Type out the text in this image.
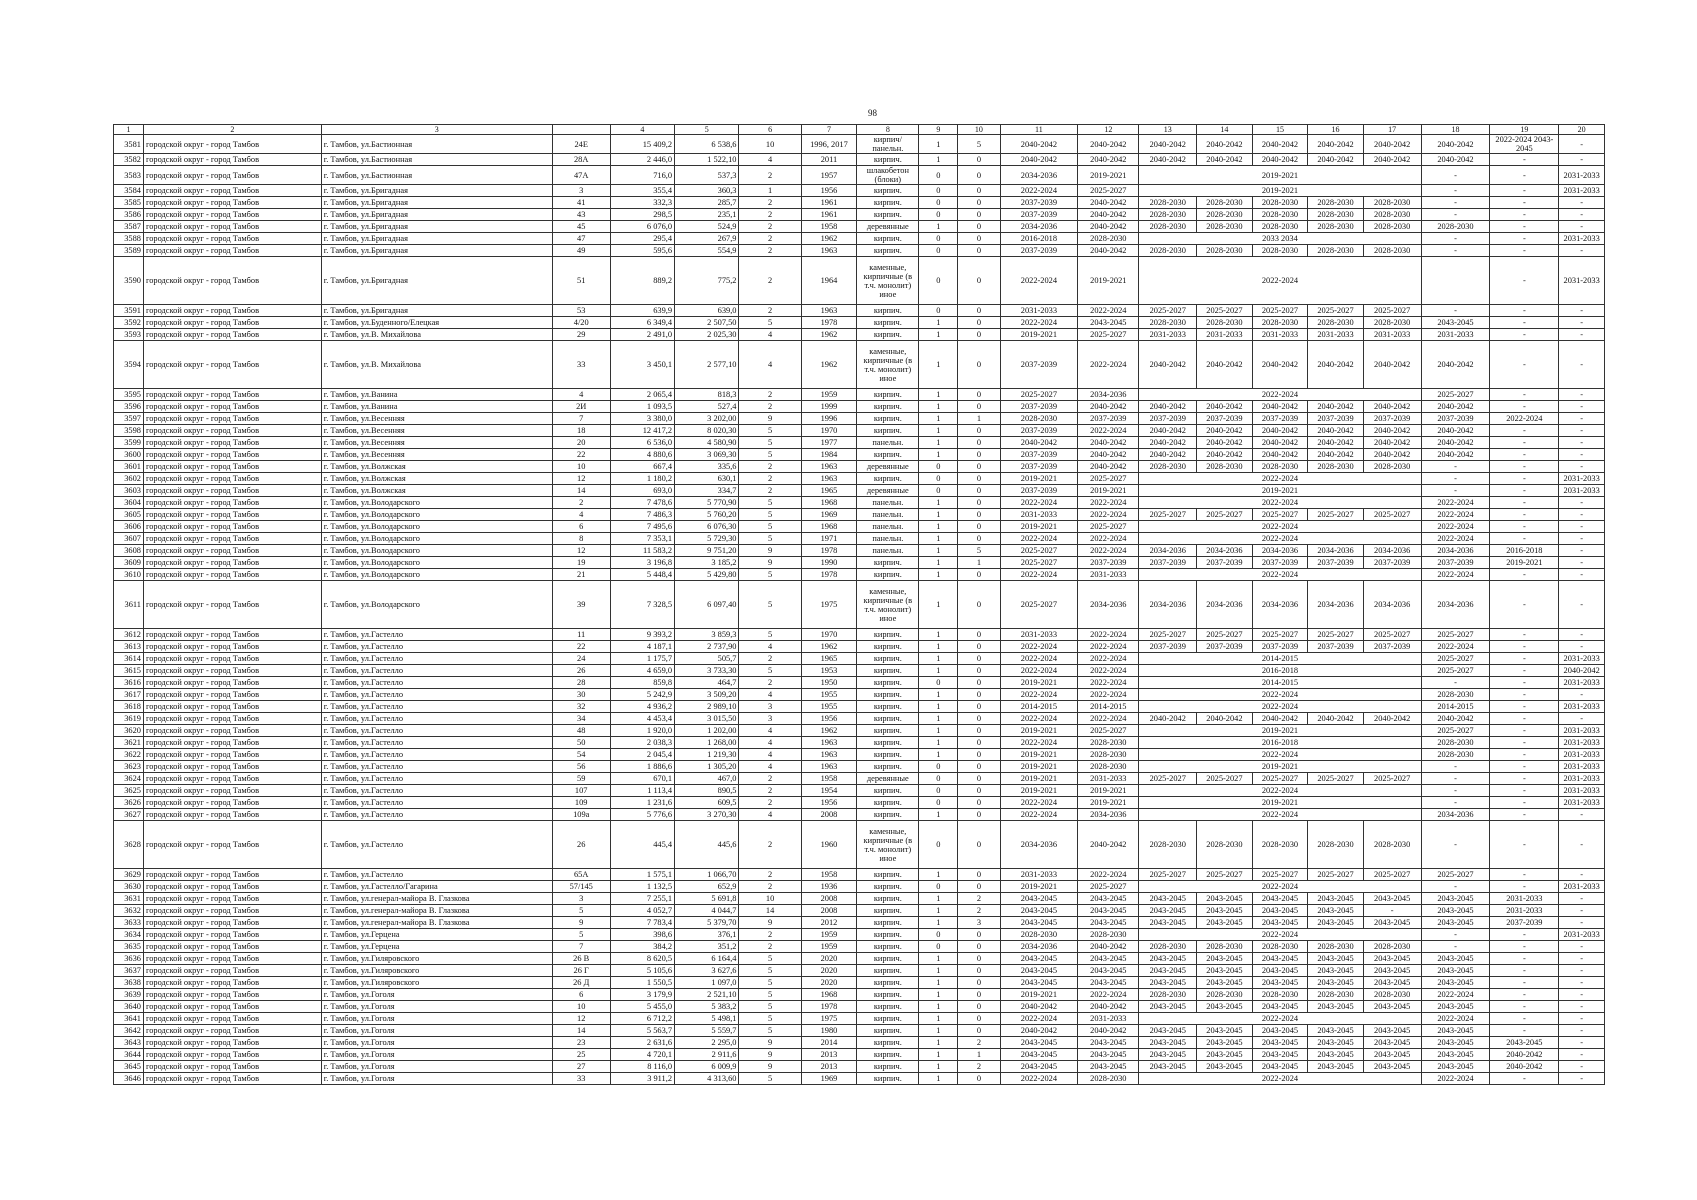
98
1	2	3		4	5	6	7	8	9	10	11	12	13	14	15	16	17	18	19	20
3581	городской округ - город Тамбов	г. Тамбов, ул.Бастионная	24Е	15 409,2	6 538,6	10	1996, 2017	кирпич/ панельн.	1	5	2040-2042	2040-2042	2040-2042	2040-2042	2040-2042	2040-2042	2040-2042	2040-2042	2022-2024 2043-2045	-
3582	городской округ - город Тамбов	г. Тамбов, ул.Бастионная	28А	2 446,0	1 522,10	4	2011	кирпич.	1	0	2040-2042	2040-2042	2040-2042	2040-2042	2040-2042	2040-2042	2040-2042	2040-2042	-	-
3583	городской округ - город Тамбов	г. Тамбов, ул.Бастионная	47А	716,0	537,3	2	1957	шлакобетон (блоки)	0	0	2034-2036	2019-2021	2019-2021					-	-	2031-2033
3584	городской округ - город Тамбов	г. Тамбов, ул.Бригадная	3	355,4	360,3	1	1956	кирпич.	0	0	2022-2024	2025-2027	2019-2021					-	-	2031-2033
3585	городской округ - город Тамбов	г. Тамбов, ул.Бригадная	41	332,3	285,7	2	1961	кирпич.	0	0	2037-2039	2040-2042	2028-2030	2028-2030	2028-2030	2028-2030	2028-2030	-	-	-
3586	городской округ - город Тамбов	г. Тамбов, ул.Бригадная	43	298,5	235,1	2	1961	кирпич.	0	0	2037-2039	2040-2042	2028-2030	2028-2030	2028-2030	2028-2030	2028-2030	-	-	-
3587	городской округ - город Тамбов	г. Тамбов, ул.Бригадная	45	6 076,0	524,9	2	1958	деревянные	1	0	2034-2036	2040-2042	2028-2030	2028-2030	2028-2030	2028-2030	2028-2030	2028-2030	-	-
3588	городской округ - город Тамбов	г. Тамбов, ул.Бригадная	47	295,4	267,9	2	1962	кирпич.	0	0	2016-2018	2028-2030	2033 2034					-	-	2031-2033
3589	городской округ - город Тамбов	г. Тамбов, ул.Бригадная	49	595,6	554,9	2	1963	кирпич.	0	0	2037-2039	2040-2042	2028-2030	2028-2030	2028-2030	2028-2030	2028-2030	-	-	-
3590	городской округ - город Тамбов	г. Тамбов, ул.Бригадная	51	889,2	775,2	2	1964	каменные, кирпичные (в т.ч. монолит) иное	0	0	2022-2024	2019-2021	2022-2024						-	2031-2033
3591	городской округ - город Тамбов	г. Тамбов, ул.Бригадная	53	639,9	639,0	2	1963	кирпич.	0	0	2031-2033	2022-2024	2025-2027	2025-2027	2025-2027	2025-2027	2025-2027	-	-	-
3592	городской округ - город Тамбов	г. Тамбов, ул.Буденного/Елецкая	4/20	6 349,4	2 507,50	5	1978	кирпич.	1	0	2022-2024	2043-2045	2028-2030	2028-2030	2028-2030	2028-2030	2028-2030	2043-2045	-	-
3593	городской округ - город Тамбов	г. Тамбов, ул.В. Михайлова	29	2 491,0	2 025,30	4	1962	кирпич.	1	0	2019-2021	2025-2027	2031-2033	2031-2033	2031-2033	2031-2033	2031-2033	2031-2033	-	-
3594	городской округ - город Тамбов	г. Тамбов, ул.В. Михайлова	33	3 450,1	2 577,10	4	1962	каменные, кирпичные (в т.ч. монолит) иное	1	0	2037-2039	2022-2024	2040-2042	2040-2042	2040-2042	2040-2042	2040-2042	2040-2042	-	-
3595	городской округ - город Тамбов	г. Тамбов, ул.Ванина	4	2 065,4	818,3	2	1959	кирпич.	1	0	2025-2027	2034-2036	2022-2024					2025-2027	-	-
3596	городской округ - город Тамбов	г. Тамбов, ул.Ванина	2И	1 093,5	527,4	2	1999	кирпич.	1	0	2037-2039	2040-2042	2040-2042	2040-2042	2040-2042	2040-2042	2040-2042	2040-2042	-	-
3597	городской округ - город Тамбов	г. Тамбов, ул.Весенняя	7	3 380,0	3 202,00	9	1996	кирпич.	1	1	2028-2030	2037-2039	2037-2039	2037-2039	2037-2039	2037-2039	2037-2039	2037-2039	2022-2024	-
3598	городской округ - город Тамбов	г. Тамбов, ул.Весенняя	18	12 417,2	8 020,30	5	1970	кирпич.	1	0	2037-2039	2022-2024	2040-2042	2040-2042	2040-2042	2040-2042	2040-2042	2040-2042	-	-
3599	городской округ - город Тамбов	г. Тамбов, ул.Весенняя	20	6 536,0	4 580,90	5	1977	панельн.	1	0	2040-2042	2040-2042	2040-2042	2040-2042	2040-2042	2040-2042	2040-2042	2040-2042	-	-
3600	городской округ - город Тамбов	г. Тамбов, ул.Весенняя	22	4 880,6	3 069,30	5	1984	кирпич.	1	0	2037-2039	2040-2042	2040-2042	2040-2042	2040-2042	2040-2042	2040-2042	2040-2042	-	-
3601	городской округ - город Тамбов	г. Тамбов, ул.Волжская	10	667,4	335,6	2	1963	деревянные	0	0	2037-2039	2040-2042	2028-2030	2028-2030	2028-2030	2028-2030	2028-2030	-	-	-
3602	городской округ - город Тамбов	г. Тамбов, ул.Волжская	12	1 180,2	630,1	2	1963	кирпич.	0	0	2019-2021	2025-2027	2022-2024					-	-	2031-2033
3603	городской округ - город Тамбов	г. Тамбов, ул.Волжская	14	693,0	334,7	2	1965	деревянные	0	0	2037-2039	2019-2021	2019-2021					-	-	2031-2033
3604	городской округ - город Тамбов	г. Тамбов, ул.Володарского	2	7 478,6	5 770,90	5	1968	панельн.	1	0	2022-2024	2022-2024	2022-2024					2022-2024	-	-
3605	городской округ - город Тамбов	г. Тамбов, ул.Володарского	4	7 486,3	5 760,20	5	1969	панельн.	1	0	2031-2033	2022-2024	2025-2027	2025-2027	2025-2027	2025-2027	2025-2027	2022-2024	-	-
3606	городской округ - город Тамбов	г. Тамбов, ул.Володарского	6	7 495,6	6 076,30	5	1968	панельн.	1	0	2019-2021	2025-2027	2022-2024					2022-2024	-	-
3607	городской округ - город Тамбов	г. Тамбов, ул.Володарского	8	7 353,1	5 729,30	5	1971	панельн.	1	0	2022-2024	2022-2024	2022-2024					2022-2024	-	-
3608	городской округ - город Тамбов	г. Тамбов, ул.Володарского	12	11 583,2	9 751,20	9	1978	панельн.	1	5	2025-2027	2022-2024	2034-2036	2034-2036	2034-2036	2034-2036	2034-2036	2034-2036	2016-2018	-
3609	городской округ - город Тамбов	г. Тамбов, ул.Володарского	19	3 196,8	3 185,2	9	1990	кирпич.	1	1	2025-2027	2037-2039	2037-2039	2037-2039	2037-2039	2037-2039	2037-2039	2037-2039	2019-2021	-
3610	городской округ - город Тамбов	г. Тамбов, ул.Володарского	21	5 448,4	5 429,80	5	1978	кирпич.	1	0	2022-2024	2031-2033	2022-2024					2022-2024	-	-
3611	городской округ - город Тамбов	г. Тамбов, ул.Володарского	39	7 328,5	6 097,40	5	1975	каменные, кирпичные (в т.ч. монолит) иное	1	0	2025-2027	2034-2036	2034-2036	2034-2036	2034-2036	2034-2036	2034-2036	2034-2036	-	-
3612	городской округ - город Тамбов	г. Тамбов, ул.Гастелло	11	9 393,2	3 859,3	5	1970	кирпич.	1	0	2031-2033	2022-2024	2025-2027	2025-2027	2025-2027	2025-2027	2025-2027	2025-2027	-	-
3613	городской округ - город Тамбов	г. Тамбов, ул.Гастелло	22	4 187,1	2 737,90	4	1962	кирпич.	1	0	2022-2024	2022-2024	2037-2039	2037-2039	2037-2039	2037-2039	2037-2039	2022-2024	-	-
3614	городской округ - город Тамбов	г. Тамбов, ул.Гастелло	24	1 175,7	505,7	2	1965	кирпич.	1	0	2022-2024	2022-2024	2014-2015					2025-2027	-	2031-2033
3615	городской округ - город Тамбов	г. Тамбов, ул.Гастелло	26	4 659,0	3 733,30	5	1953	кирпич.	1	0	2022-2024	2022-2024	2016-2018					2025-2027	-	2040-2042
3616	городской округ - город Тамбов	г. Тамбов, ул.Гастелло	28	859,8	464,7	2	1950	кирпич.	0	0	2019-2021	2022-2024	2014-2015					-	-	2031-2033
3617	городской округ - город Тамбов	г. Тамбов, ул.Гастелло	30	5 242,9	3 509,20	4	1955	кирпич.	1	0	2022-2024	2022-2024	2022-2024					2028-2030	-	-
3618	городской округ - город Тамбов	г. Тамбов, ул.Гастелло	32	4 936,2	2 989,10	3	1955	кирпич.	1	0	2014-2015	2014-2015	2022-2024					2014-2015	-	2031-2033
3619	городской округ - город Тамбов	г. Тамбов, ул.Гастелло	34	4 453,4	3 015,50	3	1956	кирпич.	1	0	2022-2024	2022-2024	2040-2042	2040-2042	2040-2042	2040-2042	2040-2042	2040-2042	-	-
3620	городской округ - город Тамбов	г. Тамбов, ул.Гастелло	48	1 920,0	1 202,00	4	1962	кирпич.	1	0	2019-2021	2025-2027	2019-2021					2025-2027	-	2031-2033
3621	городской округ - город Тамбов	г. Тамбов, ул.Гастелло	50	2 038,3	1 268,00	4	1963	кирпич.	1	0	2022-2024	2028-2030	2016-2018					2028-2030	-	2031-2033
3622	городской округ - город Тамбов	г. Тамбов, ул.Гастелло	54	2 045,4	1 219,30	4	1963	кирпич.	1	0	2019-2021	2028-2030	2022-2024					2028-2030	-	2031-2033
3623	городской округ - город Тамбов	г. Тамбов, ул.Гастелло	56	1 886,6	1 305,20	4	1963	кирпич.	0	0	2019-2021	2028-2030	2019-2021					-	-	2031-2033
3624	городской округ - город Тамбов	г. Тамбов, ул.Гастелло	59	670,1	467,0	2	1958	деревянные	0	0	2019-2021	2031-2033	2025-2027	2025-2027	2025-2027	2025-2027	2025-2027	-	-	2031-2033
3625	городской округ - город Тамбов	г. Тамбов, ул.Гастелло	107	1 113,4	890,5	2	1954	кирпич.	0	0	2019-2021	2019-2021	2022-2024					-	-	2031-2033
3626	городской округ - город Тамбов	г. Тамбов, ул.Гастелло	109	1 231,6	609,5	2	1956	кирпич.	0	0	2022-2024	2019-2021	2019-2021					-	-	2031-2033
3627	городской округ - город Тамбов	г. Тамбов, ул.Гастелло	109а	5 776,6	3 270,30	4	2008	кирпич.	1	0	2022-2024	2034-2036	2022-2024					2034-2036	-	-
3628	городской округ - город Тамбов	г. Тамбов, ул.Гастелло	26	445,4	445,6	2	1960	каменные, кирпичные (в т.ч. монолит) иное	0	0	2034-2036	2040-2042	2028-2030	2028-2030	2028-2030	2028-2030	2028-2030	-	-	-
3629	городской округ - город Тамбов	г. Тамбов, ул.Гастелло	65А	1 575,1	1 066,70	2	1958	кирпич.	1	0	2031-2033	2022-2024	2025-2027	2025-2027	2025-2027	2025-2027	2025-2027	2025-2027	-	-
3630	городской округ - город Тамбов	г. Тамбов, ул.Гастелло/Гагарина	57/145	1 132,5	652,9	2	1936	кирпич.	0	0	2019-2021	2025-2027	2022-2024					-	-	2031-2033
3631	городской округ - город Тамбов	г. Тамбов, ул.генерал-майора В. Глазкова	3	7 255,1	5 691,8	10	2008	кирпич.	1	2	2043-2045	2043-2045	2043-2045	2043-2045	2043-2045	2043-2045	2043-2045	2043-2045	2031-2033	-
3632	городской округ - город Тамбов	г. Тамбов, ул.генерал-майора В. Глазкова	5	4 052,7	4 044,7	14	2008	кирпич.	1	2	2043-2045	2043-2045	2043-2045	2043-2045	2043-2045	2043-2045	-	2043-2045	2031-2033	-
3633	городской округ - город Тамбов	г. Тамбов, ул.генерал-майора В. Глазкова	9	7 783,4	5 379,70	9	2012	кирпич.	1	3	2043-2045	2043-2045	2043-2045	2043-2045	2043-2045	2043-2045	2043-2045	2043-2045	2037-2039	-
3634	городской округ - город Тамбов	г. Тамбов, ул.Герцена	5	398,6	376,1	2	1959	кирпич.	0	0	2028-2030	2028-2030	2022-2024					-	-	2031-2033
3635	городской округ - город Тамбов	г. Тамбов, ул.Герцена	7	384,2	351,2	2	1959	кирпич.	0	0	2034-2036	2040-2042	2028-2030	2028-2030	2028-2030	2028-2030	2028-2030	-	-	-
3636	городской округ - город Тамбов	г. Тамбов, ул.Гиляровского	26 В	8 620,5	6 164,4	5	2020	кирпич.	1	0	2043-2045	2043-2045	2043-2045	2043-2045	2043-2045	2043-2045	2043-2045	2043-2045	-	-
3637	городской округ - город Тамбов	г. Тамбов, ул.Гиляровского	26 Г	5 105,6	3 627,6	5	2020	кирпич.	1	0	2043-2045	2043-2045	2043-2045	2043-2045	2043-2045	2043-2045	2043-2045	2043-2045	-	-
3638	городской округ - город Тамбов	г. Тамбов, ул.Гиляровского	26 Д	1 550,5	1 097,0	5	2020	кирпич.	1	0	2043-2045	2043-2045	2043-2045	2043-2045	2043-2045	2043-2045	2043-2045	2043-2045	-	-
3639	городской округ - город Тамбов	г. Тамбов, ул.Гоголя	6	3 179,9	2 521,10	5	1968	кирпич.	1	0	2019-2021	2022-2024	2028-2030	2028-2030	2028-2030	2028-2030	2028-2030	2022-2024	-	-
3640	городской округ - город Тамбов	г. Тамбов, ул.Гоголя	10	5 455,0	5 383,2	5	1978	кирпич.	1	0	2040-2042	2040-2042	2043-2045	2043-2045	2043-2045	2043-2045	2043-2045	2043-2045	-	-
3641	городской округ - город Тамбов	г. Тамбов, ул.Гоголя	12	6 712,2	5 498,1	5	1975	кирпич.	1	0	2022-2024	2031-2033	2022-2024					2022-2024	-	-
3642	городской округ - город Тамбов	г. Тамбов, ул.Гоголя	14	5 563,7	5 559,7	5	1980	кирпич.	1	0	2040-2042	2040-2042	2043-2045	2043-2045	2043-2045	2043-2045	2043-2045	2043-2045	-	-
3643	городской округ - город Тамбов	г. Тамбов, ул.Гоголя	23	2 631,6	2 295,0	9	2014	кирпич.	1	2	2043-2045	2043-2045	2043-2045	2043-2045	2043-2045	2043-2045	2043-2045	2043-2045	2043-2045	-
3644	городской округ - город Тамбов	г. Тамбов, ул.Гоголя	25	4 720,1	2 911,6	9	2013	кирпич.	1	1	2043-2045	2043-2045	2043-2045	2043-2045	2043-2045	2043-2045	2043-2045	2043-2045	2040-2042	-
3645	городской округ - город Тамбов	г. Тамбов, ул.Гоголя	27	8 116,0	6 009,9	9	2013	кирпич.	1	2	2043-2045	2043-2045	2043-2045	2043-2045	2043-2045	2043-2045	2043-2045	2043-2045	2040-2042	-
3646	городской округ - город Тамбов	г. Тамбов, ул.Гоголя	33	3 911,2	4 313,60	5	1969	кирпич.	1	0	2022-2024	2028-2030	2022-2024					2022-2024	-	-
